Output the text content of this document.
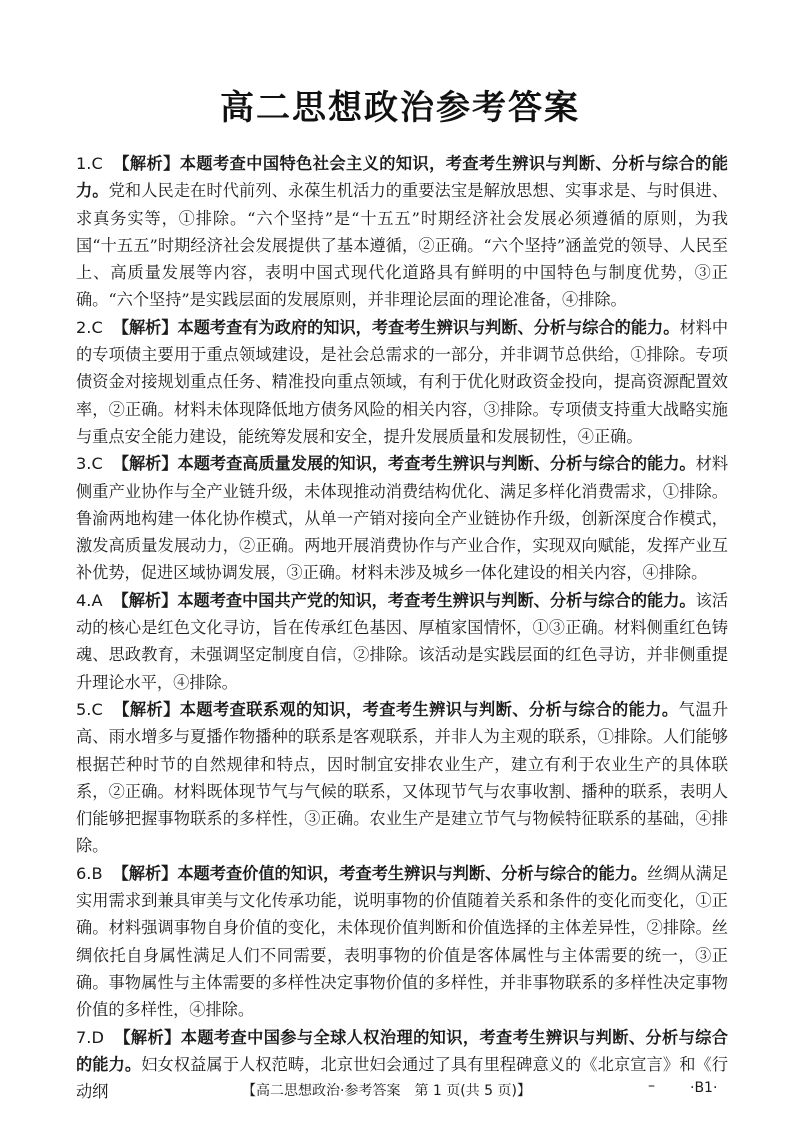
高二思想政治参考答案
1.C 【解析】本题考查中国特色社会主义的知识，考查考生辨识与判断、分析与综合的能力。党和人民走在时代前列、永葆生机活力的重要法宝是解放思想、实事求是、与时俱进、求真务实等，①排除。“六个坚持”是“十五五”时期经济社会发展必须遵循的原则，为我国“十五五”时期经济社会发展提供了基本遵循，②正确。“六个坚持”涵盖党的领导、人民至上、高质量发展等内容，表明中国式现代化道路具有鲜明的中国特色与制度优势，③正确。“六个坚持”是实践层面的发展原则，并非理论层面的理论准备，④排除。
2.C 【解析】本题考查有为政府的知识，考查考生辨识与判断、分析与综合的能力。材料中的专项债主要用于重点领域建设，是社会总需求的一部分，并非调节总供给，①排除。专项债资金对接规划重点任务、精准投向重点领域，有利于优化财政资金投向，提高资源配置效率，②正确。材料未体现降低地方债务风险的相关内容，③排除。专项债支持重大战略实施与重点安全能力建设，能统筹发展和安全，提升发展质量和发展韧性，④正确。
3.C 【解析】本题考查高质量发展的知识，考查考生辨识与判断、分析与综合的能力。材料侧重产业协作与全产业链升级，未体现推动消费结构优化、满足多样化消费需求，①排除。鲁渝两地构建一体化协作模式，从单一产销对接向全产业链协作升级，创新深度合作模式，激发高质量发展动力，②正确。两地开展消费协作与产业合作，实现双向赋能，发挥产业互补优势，促进区域协调发展，③正确。材料未涉及城乡一体化建设的相关内容，④排除。
4.A 【解析】本题考查中国共产党的知识，考查考生辨识与判断、分析与综合的能力。该活动的核心是红色文化寻访，旨在传承红色基因、厚植家国情怀，①③正确。材料侧重红色铸魂、思政教育，未强调坚定制度自信，②排除。该活动是实践层面的红色寻访，并非侧重提升理论水平，④排除。
5.C 【解析】本题考查联系观的知识，考查考生辨识与判断、分析与综合的能力。气温升高、雨水增多与夏播作物播种的联系是客观联系，并非人为主观的联系，①排除。人们能够根据芒种时节的自然规律和特点，因时制宜安排农业生产，建立有利于农业生产的具体联系，②正确。材料既体现节气与气候的联系，又体现节气与农事收割、播种的联系，表明人们能够把握事物联系的多样性，③正确。农业生产是建立节气与物候特征联系的基础，④排除。
6.B 【解析】本题考查价值的知识，考查考生辨识与判断、分析与综合的能力。丝绸从满足实用需求到兼具审美与文化传承功能，说明事物的价值随着关系和条件的变化而变化，①正确。材料强调事物自身价值的变化，未体现价值判断和价值选择的主体差异性，②排除。丝绸依托自身属性满足人们不同需要，表明事物的价值是客体属性与主体需要的统一，③正确。事物属性与主体需要的多样性决定事物价值的多样性，并非事物联系的多样性决定事物价值的多样性，④排除。
7.D 【解析】本题考查中国参与全球人权治理的知识，考查考生辨识与判断、分析与综合的能力。妇女权益属于人权范畴，北京世妇会通过了具有里程碑意义的《北京宣言》和《行动纲	【高二思想政治·参考答案　第 1 页(共 5 页)】	–	·B1·
